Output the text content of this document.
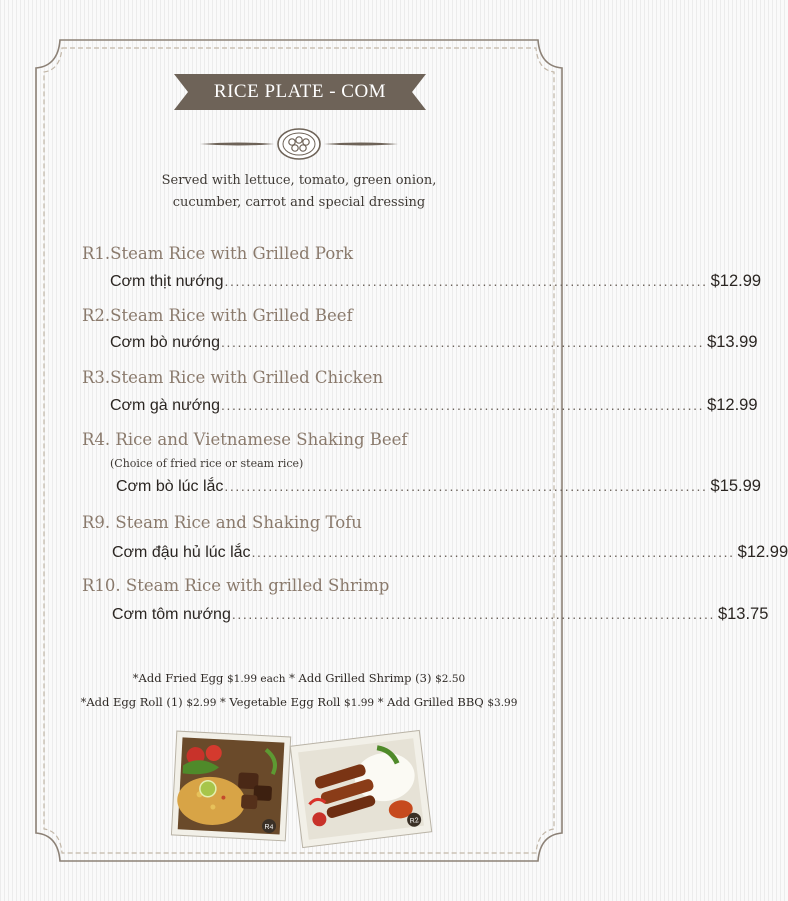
RICE PLATE - COM
Served with lettuce, tomato, green onion,
cucumber, carrot and special dressing
R1.Steam Rice with Grilled Pork
Cơm thịt nướng ........................................................................................ $12.99
R2.Steam Rice with Grilled Beef
Cơm bò nướng ........................................................................................ $13.99
R3.Steam Rice with Grilled Chicken
Cơm gà nướng ........................................................................................ $12.99
R4. Rice and Vietnamese Shaking Beef
(Choice of fried rice or steam rice)
Cơm bò lúc lắc ........................................................................................ $15.99
R9. Steam Rice and Shaking Tofu
Cơm đậu hủ lúc lắc ........................................................................................ $12.99
R10. Steam Rice with grilled Shrimp
Cơm tôm nướng ........................................................................................ $13.75
*Add Fried Egg $1.99 each * Add Grilled Shrimp (3) $2.50
*Add Egg Roll (1) $2.99 * Vegetable Egg Roll $1.99 * Add Grilled BBQ $3.99
R4
R2
